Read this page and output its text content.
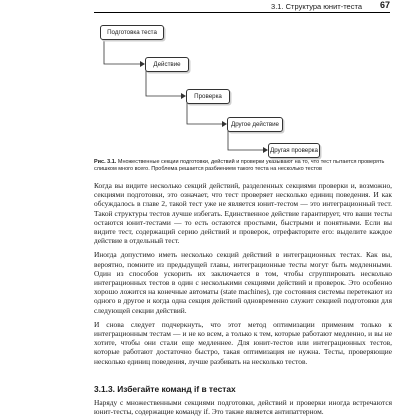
3.1. Структура юнит-теста 67
Подготовка теста
Действие
Проверка
Другое действие
Другая проверка
Рис. 3.1. Множественные секции подготовки, действий и проверки указывают на то, что тест пытается проверять слишком много всего. Проблема решается разбиением такого теста на несколько тестов

Когда вы видите несколько секций действий, разделенных секциями проверки и, возможно, секциями подготовки, это означает, что тест проверяет несколько единиц поведения. И как обсуждалось в главе 2, такой тест уже не является юнит-тестом — это интеграционный тест. Такой структуры тестов лучше избегать. Единственное действие гарантирует, что ваши тесты остаются юнит-тестами — то есть остаются простыми, быстрыми и понятными. Если вы видите тест, содержащий серию действий и проверок, отрефакторите его: выделите каждое действие в отдельный тест.

Иногда допустимо иметь несколько секций действий в интеграционных тестах. Как вы, вероятно, помните из предыдущей главы, интеграционные тесты могут быть медленными. Один из способов ускорить их заключается в том, чтобы сгруппировать несколько интеграционных тестов в один с несколькими секциями действий и проверок. Это особенно хорошо ложится на конечные автоматы (state machines), где состояния системы перетекают из одного в другое и когда одна секция действий одновременно служит секцией подготовки для следующей секции действий.

И снова следует подчеркнуть, что этот метод оптимизации применим только к интеграционным тестам — и не ко всем, а только к тем, которые работают медленно, и вы не хотите, чтобы они стали еще медленнее. Для юнит-тестов или интеграционных тестов, которые работают достаточно быстро, такая оптимизация не нужна. Тесты, проверяющие несколько единиц поведения, лучше разбивать на несколько тестов.

3.1.3. Избегайте команд if в тестах
Наряду с множественными секциями подготовки, действий и проверки иногда встречаются юнит-тесты, содержащие команду if. Это также является антипаттерном.
